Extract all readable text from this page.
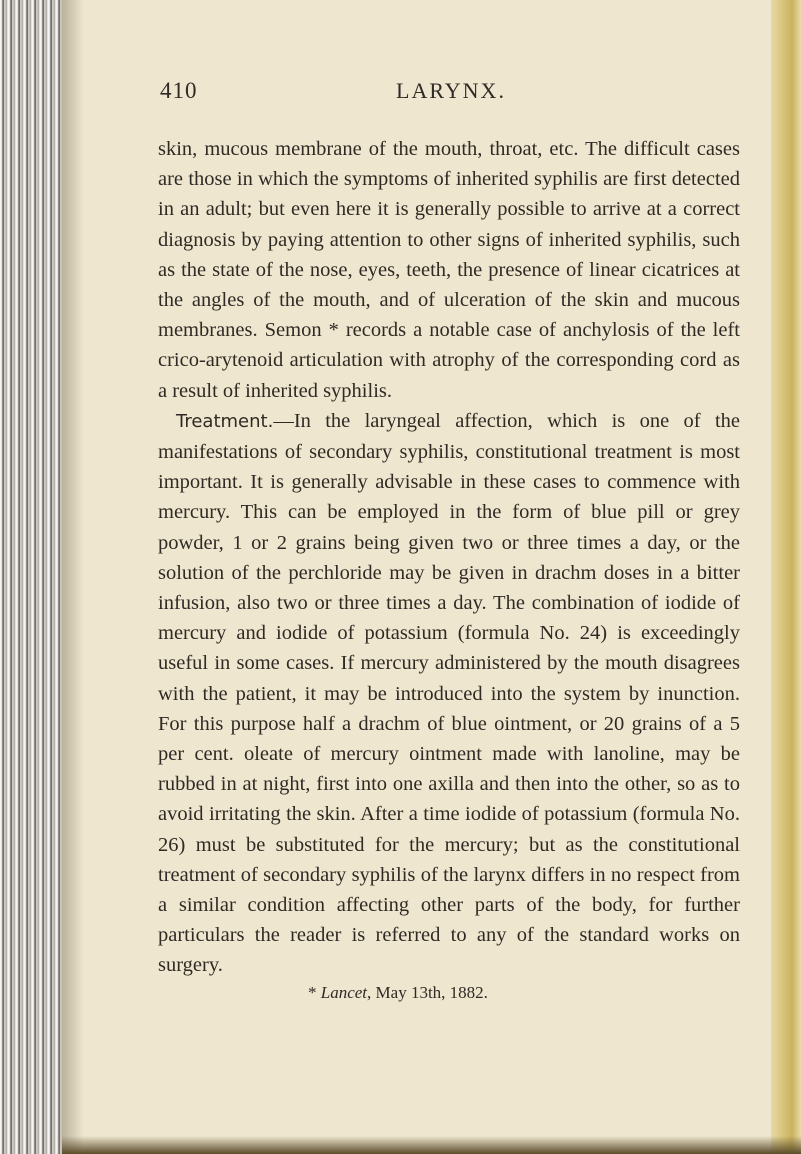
410	LARYNX.

skin, mucous membrane of the mouth, throat, etc. The difficult cases are those in which the symptoms of inherited syphilis are first detected in an adult; but even here it is generally possible to arrive at a correct diagnosis by paying attention to other signs of inherited syphilis, such as the state of the nose, eyes, teeth, the presence of linear cicatrices at the angles of the mouth, and of ulceration of the skin and mucous membranes. Semon * records a notable case of anchylosis of the left crico-arytenoid articulation with atrophy of the corresponding cord as a result of inherited syphilis.

Treatment.—In the laryngeal affection, which is one of the manifestations of secondary syphilis, constitutional treatment is most important. It is generally advisable in these cases to commence with mercury. This can be employed in the form of blue pill or grey powder, 1 or 2 grains being given two or three times a day, or the solution of the perchloride may be given in drachm doses in a bitter infusion, also two or three times a day. The combination of iodide of mercury and iodide of potassium (formula No. 24) is exceedingly useful in some cases. If mercury administered by the mouth disagrees with the patient, it may be introduced into the system by inunction. For this purpose half a drachm of blue ointment, or 20 grains of a 5 per cent. oleate of mercury ointment made with lanoline, may be rubbed in at night, first into one axilla and then into the other, so as to avoid irritating the skin. After a time iodide of potassium (formula No. 26) must be substituted for the mercury; but as the constitutional treatment of secondary syphilis of the larynx differs in no respect from a similar condition affecting other parts of the body, for further particulars the reader is referred to any of the standard works on surgery.

* Lancet, May 13th, 1882.
